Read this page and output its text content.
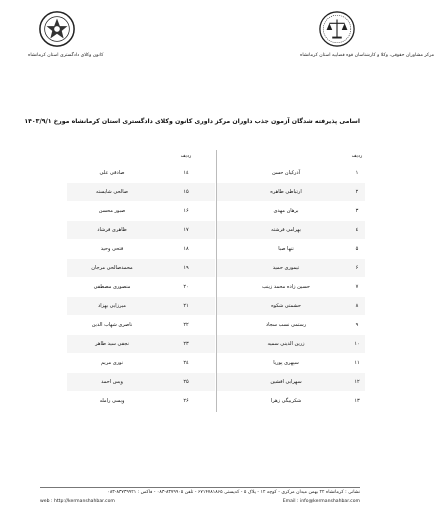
کانون وکلای دادگستری استان کرمانشاه	مرکز مشاوران حقوقی، وکلا و کارشناسان قوه قضاییه استان کرمانشاه
اسامی پذیرفته شدگان آزمون جذب داوران مرکز داوری کانون وکلای دادگستری استان کرمانشاه مورخ ۱۴۰۳/۹/۱
ردیف
۱
آذرکیان حسن
۲
ارتباطی طاهره
۳
برهان مهدی
٤
بهرامی فرشته
۵
تنها صبا
۶
تیموری حمید
۷
حسین زاده محمد زینب
۸
حشمتی شکوه
۹
رستمی نسب سجاد
۱۰
زرین الدینی سمیه
۱۱
سپهری پوریا
۱۲
سهرابی افشین
۱۳
شکربیگی زهرا
ردیف
۱٤
صادقی علی
۱۵
صالحی شایسته
۱۶
صبور محسن
۱۷
ظاهری فرشاد
۱۸
فتحی وحید
۱۹
محمدصالحی مرجان
۲۰
منصوری مصطفی
۲۱
میرزایی بهزاد
۲۲
ناصری شهاب الدین
۲۳
نجفی سید طاهر
۲٤
نوری مریم
۲۵
ویس احمد
۲۶
ویسی رامله
نشانی : کرمانشاه ۲۲ بهمن میدان مرکزی - کوچه ۱۲ - پلاک ۵ - کدپستی ۶۷۱۴۷۸۱۸۶۵ - تلفن ۸۳۷۹۹۰۵-۰۸۳ - فاکس : ۸۳۷۳۹۹۲۱-۰۸۳
web : http://kermanshahbar.com	Email : info@kermanshahbar.com
